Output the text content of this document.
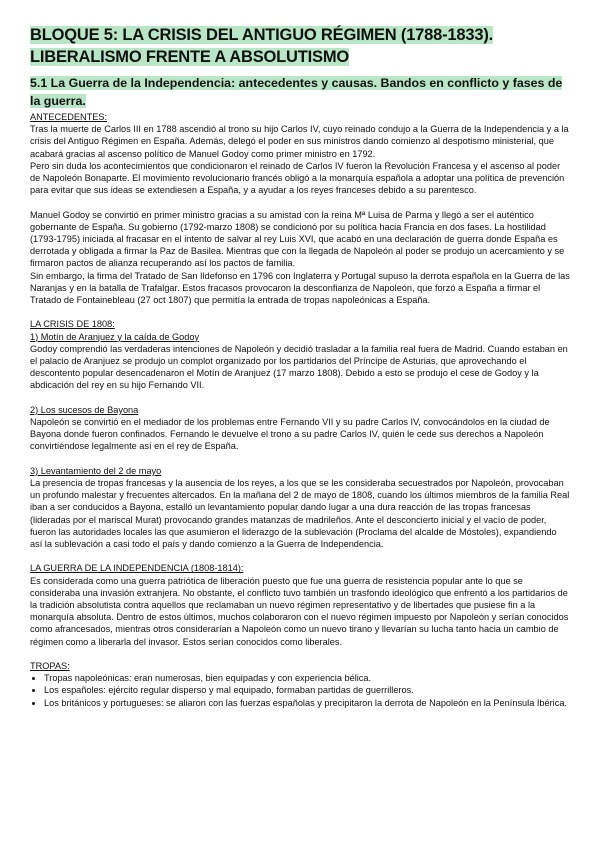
BLOQUE 5: LA CRISIS DEL ANTIGUO RÉGIMEN (1788-1833).
LIBERALISMO FRENTE A ABSOLUTISMO
5.1 La Guerra de la Independencia: antecedentes y causas. Bandos en conflicto y fases de la guerra.
ANTECEDENTES:

Tras la muerte de Carlos III en 1788 ascendió al trono su hijo Carlos IV, cuyo reinado condujo a la Guerra de la Independencia y a la crisis del Antiguo Régimen en España. Además, delegó el poder en sus ministros dando comienzo al despotismo ministerial, que acabará gracias al ascenso político de Manuel Godoy como primer ministro en 1792.

Pero sin duda los acontecimientos que condicionaron el reinado de Carlos IV fueron la Revolución Francesa y el ascenso al poder de Napoleón Bonaparte. El movimiento revolucionario francés obligó a la monarquía española a adoptar una política de prevención para evitar que sus ideas se extendiesen a España, y a ayudar a los reyes franceses debido a su parentesco.

Manuel Godoy se convirtió en primer ministro gracias a su amistad con la reina Mª Luisa de Parma y llegó a ser el auténtico gobernante de España. Su gobierno (1792-marzo 1808) se condicionó por su política hacia Francia en dos fases. La hostilidad (1793-1795) iniciada al fracasar en el intento de salvar al rey Luis XVI, que acabó en una declaración de guerra donde España es derrotada y obligada a firmar la Paz de Basilea. Mientras que con la llegada de Napoleón al poder se produjo un acercamiento y se firmaron pactos de alianza recuperando así los pactos de familia.

Sin embargo, la firma del Tratado de San Ildefonso en 1796 con Inglaterra y Portugal supuso la derrota española en la Guerra de las Naranjas y en la batalla de Trafalgar. Estos fracasos provocaron la desconfianza de Napoleón, que forzó a España a firmar el Tratado de Fontainebleau (27 oct 1807) que permitía la entrada de tropas napoleónicas a España.

LA CRISIS DE 1808:
1) Motín de Aranjuez y la caída de Godoy

Godoy comprendió las verdaderas intenciones de Napoleón y decidió trasladar a la familia real fuera de Madrid. Cuando estaban en el palacio de Aranjuez se produjo un complot organizado por los partidarios del Príncipe de Asturias, que aprovechando el descontento popular desencadenaron el Motín de Aranjuez (17 marzo 1808). Debido a esto se produjo el cese de Godoy y la abdicación del rey en su hijo Fernando VII.

2) Los sucesos de Bayona

Napoleón se convirtió en el mediador de los problemas entre Fernando VII y su padre Carlos IV, convocándolos en la ciudad de Bayona donde fueron confinados. Fernando le devuelve el trono a su padre Carlos IV, quién le cede sus derechos a Napoleón convirtiéndose legalmente así en el rey de España.

3) Levantamiento del 2 de mayo

La presencia de tropas francesas y la ausencia de los reyes, a los que se les consideraba secuestrados por Napoleón, provocaban un profundo malestar y frecuentes altercados. En la mañana del 2 de mayo de 1808, cuando los últimos miembros de la familia Real iban a ser conducidos a Bayona, estalló un levantamiento popular dando lugar a una dura reacción de las tropas francesas (lideradas por el mariscal Murat) provocando grandes matanzas de madrileños. Ante el desconcierto inicial y el vacío de poder, fueron las autoridades locales las que asumieron el liderazgo de la sublevación (Proclama del alcalde de Móstoles), expandiendo así la sublevación a casi todo el país y dando comienzo a la Guerra de Independencia.

LA GUERRA DE LA INDEPENDENCIA (1808-1814):

Es considerada como una guerra patriótica de liberación puesto que fue una guerra de resistencia popular ante lo que se consideraba una invasión extranjera. No obstante, el conflicto tuvo también un trasfondo ideológico que enfrentó a los partidarios de la tradición absolutista contra aquellos que reclamaban un nuevo régimen representativo y de libertades que pusiese fin a la monarquía absoluta. Dentro de estos últimos, muchos colaboraron con el nuevo régimen impuesto por Napoleón y serían conocidos como afrancesados, mientras otros considerarían a Napoleón como un nuevo tirano y llevarían su lucha tanto hacia un cambio de régimen como a liberarla del invasor. Estos serían conocidos como liberales.

TROPAS:
• Tropas napoleónicas: eran numerosas, bien equipadas y con experiencia bélica.
• Los españoles: ejército regular disperso y mal equipado, formaban partidas de guerrilleros.
• Los británicos y portugueses: se aliaron con las fuerzas españolas y precipitaron la derrota de Napoleón en la Península Ibérica.
